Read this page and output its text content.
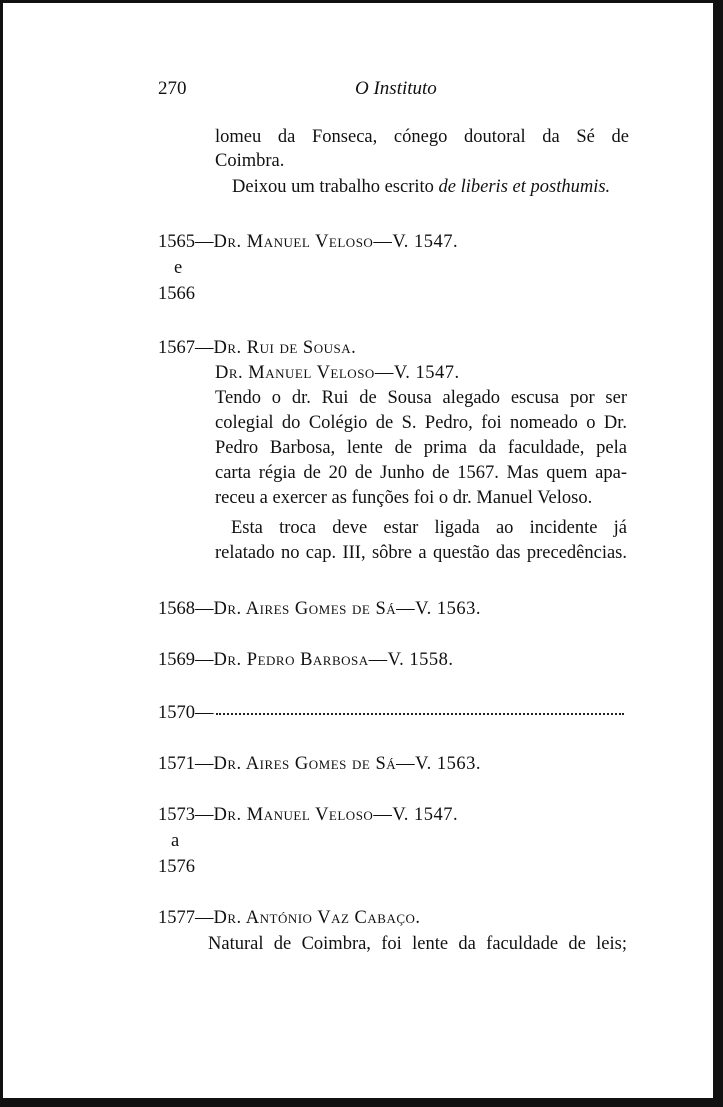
270	O Instituto
lomeu da Fonseca, cónego doutoral da Sé de
Coimbra.
Deixou um trabalho escrito de liberis et posthumis.
1565—Dr. Manuel Veloso—V. 1547.
e
1566
1567—Dr. Rui de Sousa.
Dr. Manuel Veloso—V. 1547.
Tendo o dr. Rui de Sousa alegado escusa por ser
colegial do Colégio de S. Pedro, foi nomeado o Dr.
Pedro Barbosa, lente de prima da faculdade, pela
carta régia de 20 de Junho de 1567. Mas quem apa-
receu a exercer as funções foi o dr. Manuel Veloso.
Esta troca deve estar ligada ao incidente já
relatado no cap. III, sôbre a questão das precedências.
1568—Dr. Aires Gomes de Sá—V. 1563.
1569—Dr. Pedro Barbosa—V. 1558.
1570—
1571—Dr. Aires Gomes de Sá—V. 1563.
1573—Dr. Manuel Veloso—V. 1547.
a
1576
1577—Dr. António Vaz Cabaço.
Natural de Coimbra, foi lente da faculdade de leis;
